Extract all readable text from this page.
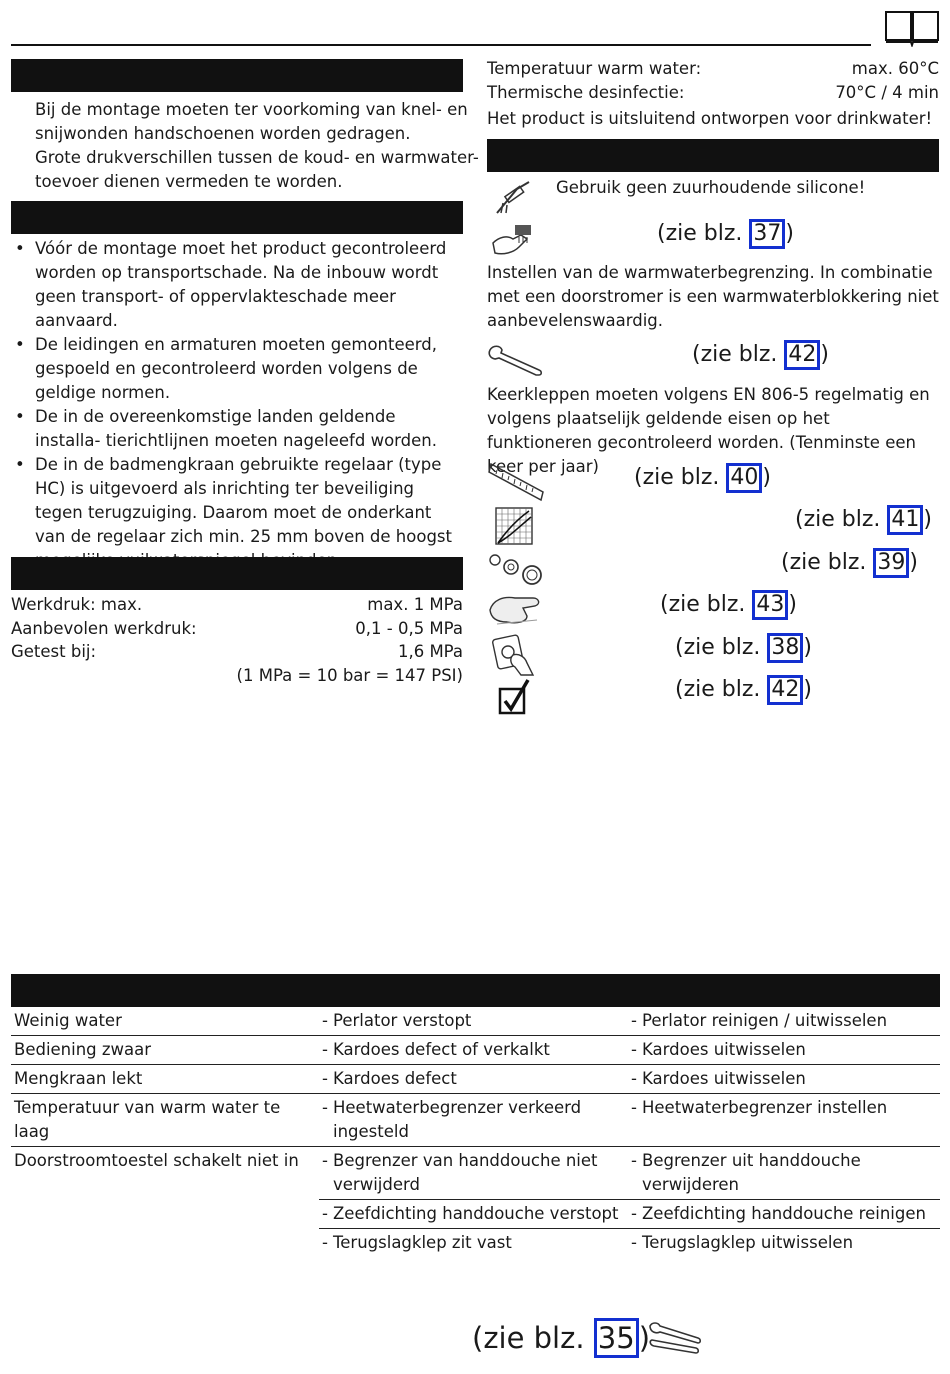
Bij de montage moeten ter voorkoming van knel- en
snijwonden handschoenen worden gedragen.
Grote drukverschillen tussen de koud- en warmwater-
toevoer dienen vermeden te worden.
• Vóór de montage moet het product gecontroleerd worden op transportschade. Na de inbouw wordt geen transport- of oppervlakteschade meer aanvaard.
• De leidingen en armaturen moeten gemonteerd, gespoeld en gecontroleerd worden volgens de geldige normen.
• De in de overeenkomstige landen geldende installa- tierichtlijnen moeten nageleefd worden.
• De in de badmengkraan gebruikte regelaar (type HC) is uitgevoerd als inrichting ter beveiliging tegen terugzuiging. Daarom moet de onderkant van de regelaar zich min. 25 mm boven de hoogst
Werkdruk: max.	max. 1 MPa
Aanbevolen werkdruk:	0,1 - 0,5 MPa
Getest bij:	1,6 MPa
(1 MPa = 10 bar = 147 PSI)
Temperatuur warm water:	max. 60°C
Thermische desinfectie:	70°C / 4 min
Het product is uitsluitend ontworpen voor drinkwater!
Gebruik geen zuurhoudende silicone!
(zie blz. 37 )
Instellen van de warmwaterbegrenzing. In combinatie met een doorstromer is een warmwaterblokkering niet aanbevelenswaardig.
(zie blz. 42 )
Keerkleppen moeten volgens EN 806-5 regelmatig en volgens plaatselijk geldende eisen op het funktioneren gecontroleerd worden. (Tenminste een keer per jaar)	(zie blz. 40 )
(zie blz. 41 )
(zie blz. 39 )
(zie blz. 43 )
(zie blz. 38 )
(zie blz. 42 )
Weinig water	- Perlator verstopt	- Perlator reinigen / uitwisselen

Bediening zwaar	- Kardoes defect of verkalkt	- Kardoes uitwisselen

Mengkraan lekt	- Kardoes defect	- Kardoes uitwisselen

Temperatuur van warm water te laag	- Heetwaterbegrenzer verkeerd ingesteld	- Heetwaterbegrenzer instellen

Doorstroomtoestel schakelt niet in	- Begrenzer van handdouche niet verwijderd	- Begrenzer uit handdouche verwijderen

	- Zeefdichting handdouche verstopt	- Zeefdichting handdouche reinigen

	- Terugslagklep zit vast	- Terugslagklep uitwisselen
(zie blz. 35 )
